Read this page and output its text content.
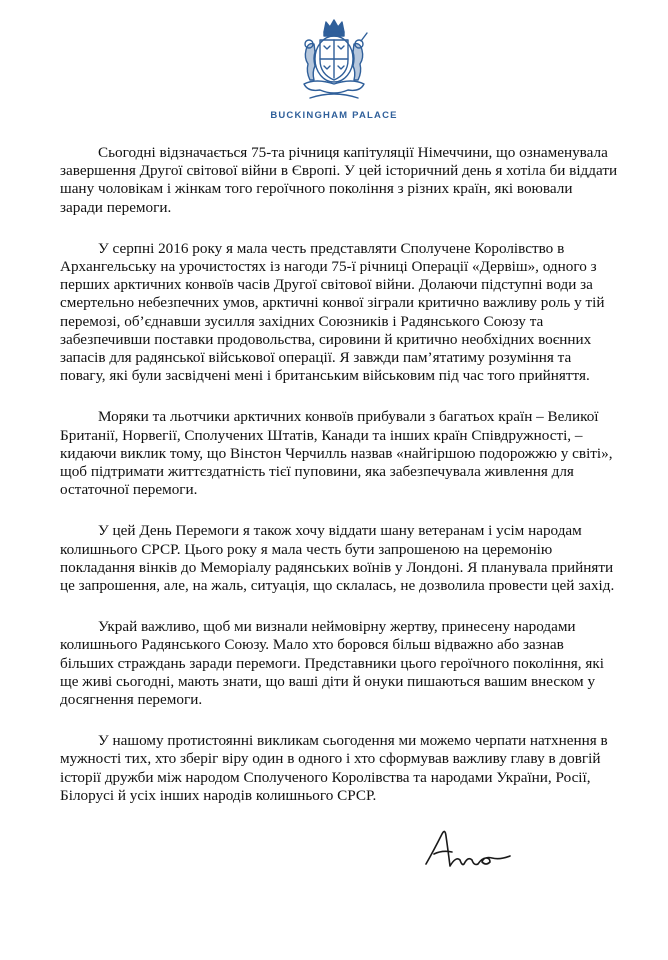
BUCKINGHAM PALACE

Сьогодні відзначається 75-та річниця капітуляції Німеччини, що ознаменувала завершення Другої світової війни в Європі. У цей історичний день я хотіла би віддати шану чоловікам і жінкам того героїчного покоління з різних країн, які воювали заради перемоги.

У серпні 2016 року я мала честь представляти Сполучене Королівство в Архангельську на урочистостях із нагоди 75-ї річниці Операції «Дервіш», одного з перших арктичних конвоїв часів Другої світової війни. Долаючи підступні води за смертельно небезпечних умов, арктичні конвої зіграли критично важливу роль у тій перемозі, об’єднавши зусилля західних Союзників і Радянського Союзу та забезпечивши поставки продовольства, сировини й критично необхідних воєнних запасів для радянської військової операції. Я завжди пам’ятатиму розуміння та повагу, які були засвідчені мені і британським військовим під час того прийняття.

Моряки та льотчики арктичних конвоїв прибували з багатьох країн – Великої Британії, Норвегії, Сполучених Штатів, Канади та інших країн Співдружності, – кидаючи виклик тому, що Вінстон Черчилль назвав «найгіршою подорожжю у світі», щоб підтримати життєздатність тієї пуповини, яка забезпечувала живлення для остаточної перемоги.

У цей День Перемоги я також хочу віддати шану ветеранам і усім народам колишнього СРСР. Цього року я мала честь бути запрошеною на церемонію покладання вінків до Меморіалу радянських воїнів у Лондоні. Я планувала прийняти це запрошення, але, на жаль, ситуація, що склалась, не дозволила провести цей захід.

Украй важливо, щоб ми визнали неймовірну жертву, принесену народами колишнього Радянського Союзу. Мало хто боровся більш відважно або зазнав більших страждань заради перемоги. Представники цього героїчного покоління, які ще живі сьогодні, мають знати, що ваші діти й онуки пишаються вашим внеском у досягнення перемоги.

У нашому протистоянні викликам сьогодення ми можемо черпати натхнення в мужності тих, хто зберіг віру один в одного і хто сформував важливу главу в довгій історії дружби між народом Сполученого Королівства та народами України, Росії, Білорусі й усіх інших народів колишнього СРСР.
